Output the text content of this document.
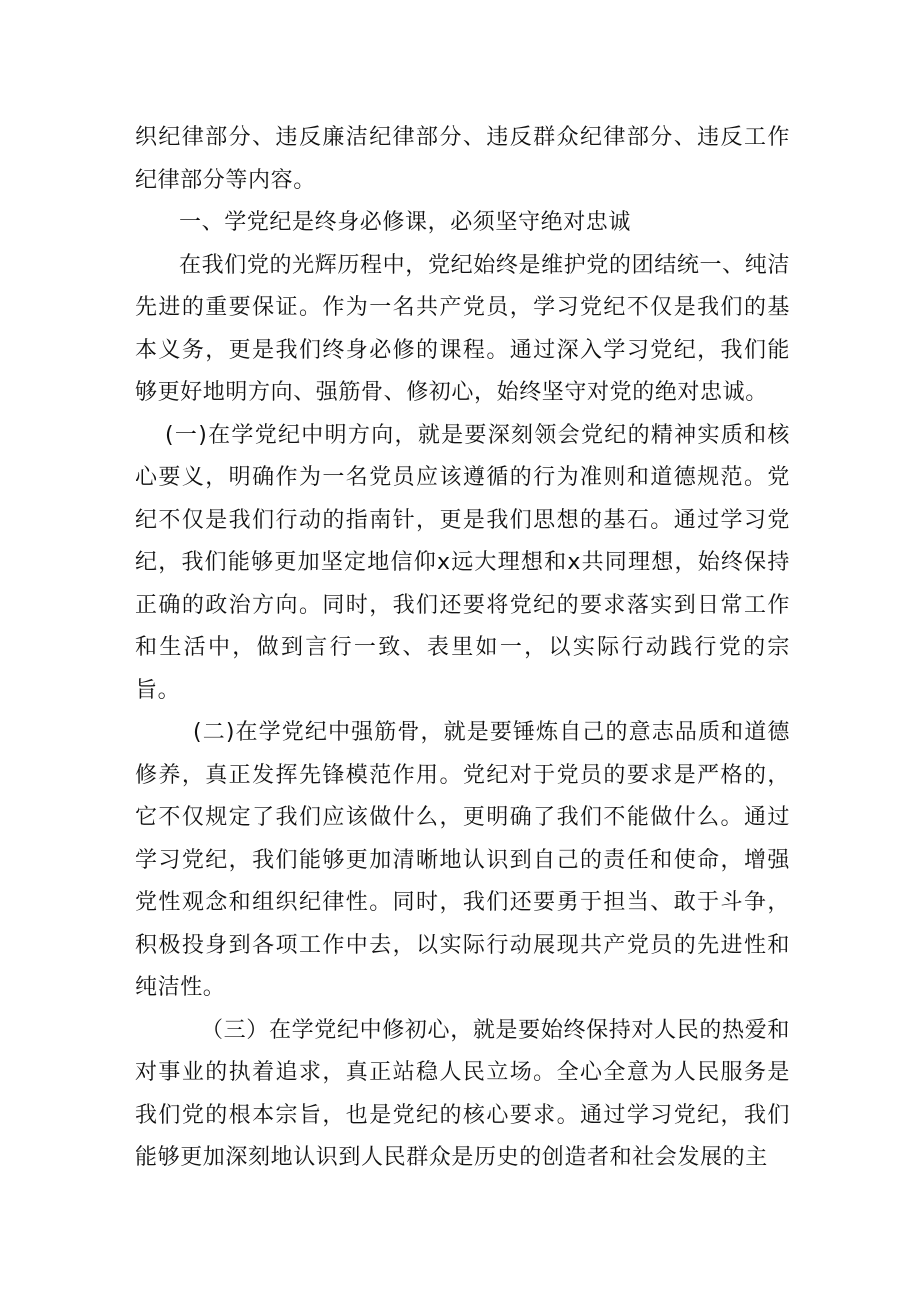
织纪律部分、违反廉洁纪律部分、违反群众纪律部分、违反工作纪律部分等内容。

一、学党纪是终身必修课，必须坚守绝对忠诚

在我们党的光辉历程中，党纪始终是维护党的团结统一、纯洁先进的重要保证。作为一名共产党员，学习党纪不仅是我们的基本义务，更是我们终身必修的课程。通过深入学习党纪，我们能够更好地明方向、强筋骨、修初心，始终坚守对党的绝对忠诚。

(一)在学党纪中明方向，就是要深刻领会党纪的精神实质和核心要义，明确作为一名党员应该遵循的行为准则和道德规范。党纪不仅是我们行动的指南针，更是我们思想的基石。通过学习党纪，我们能够更加坚定地信仰x远大理想和x共同理想，始终保持正确的政治方向。同时，我们还要将党纪的要求落实到日常工作和生活中，做到言行一致、表里如一，以实际行动践行党的宗旨。

(二)在学党纪中强筋骨，就是要锤炼自己的意志品质和道德修养，真正发挥先锋模范作用。党纪对于党员的要求是严格的，它不仅规定了我们应该做什么，更明确了我们不能做什么。通过学习党纪，我们能够更加清晰地认识到自己的责任和使命，增强党性观念和组织纪律性。同时，我们还要勇于担当、敢于斗争，积极投身到各项工作中去，以实际行动展现共产党员的先进性和纯洁性。

（三）在学党纪中修初心，就是要始终保持对人民的热爱和对事业的执着追求，真正站稳人民立场。全心全意为人民服务是我们党的根本宗旨，也是党纪的核心要求。通过学习党纪，我们能够更加深刻地认识到人民群众是历史的创造者和社会发展的主
